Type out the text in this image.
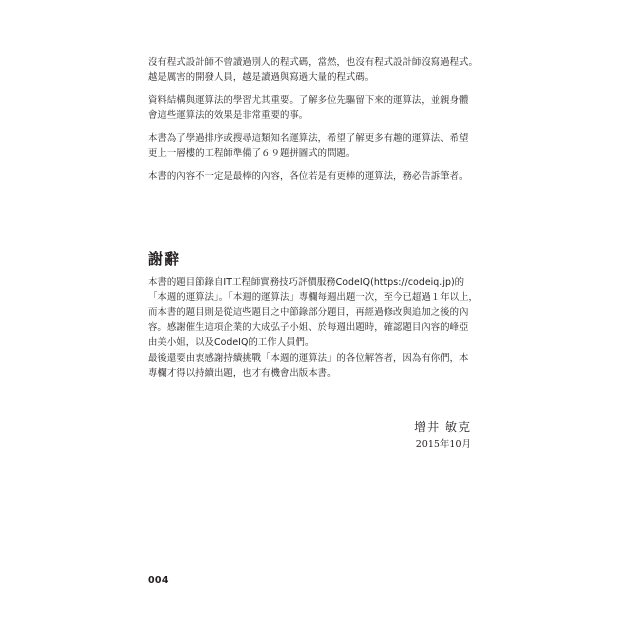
沒有程式設計師不曾讀過別人的程式碼，當然，也沒有程式設計師沒寫過程式。

越是厲害的開發人員，越是讀過與寫過大量的程式碼。

資料結構與運算法的學習尤其重要。了解多位先驅留下來的運算法，並親身體

會這些運算法的效果是非常重要的事。

本書為了學過排序或搜尋這類知名運算法，希望了解更多有趣的運算法、希望

更上一層樓的工程師準備了６９題拼圖式的問題。

本書的內容不一定是最棒的內容，各位若是有更棒的運算法，務必告訴筆者。

謝辭

本書的題目節錄自IT工程師實務技巧評價服務CodeIQ(https://codeiq.jp)的

「本週的運算法」。「本週的運算法」專欄每週出題一次，至今已超過１年以上，

而本書的題目則是從這些題目之中節錄部分題目，再經過修改與追加之後的內

容。感謝催生這項企業的大成弘子小姐、於每週出題時，確認題目內容的峰亞

由美小姐，以及CodeIQ的工作人員們。

最後還要由衷感謝持續挑戰「本週的運算法」的各位解答者，因為有你們，本

專欄才得以持續出題，也才有機會出版本書。

增井 敏克

2015年10月

004
